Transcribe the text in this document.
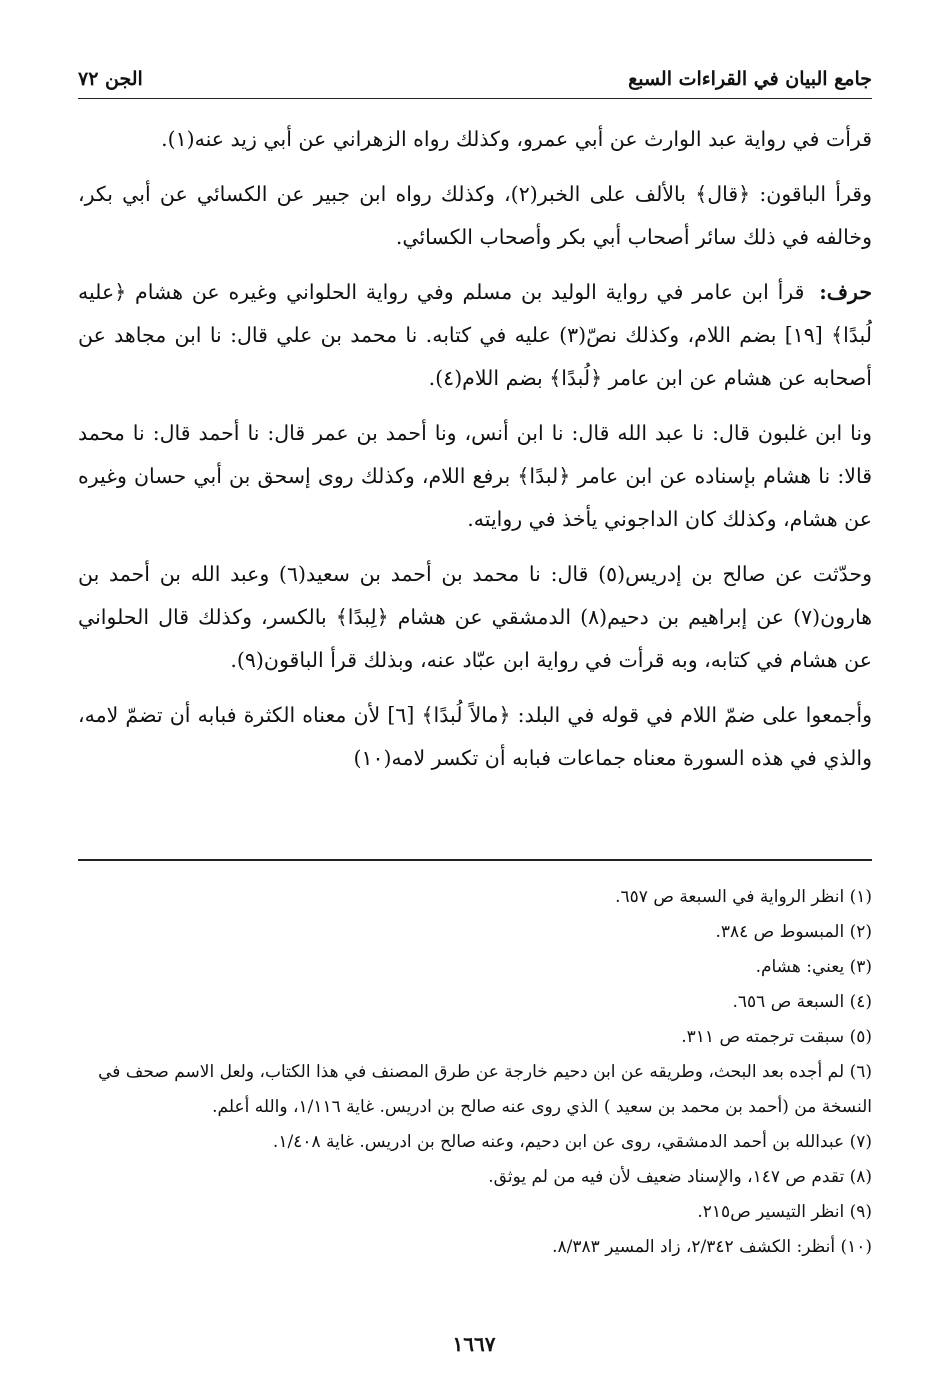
جامع البيان في القراءات السبع
الجن ٧٢

قرأت في رواية عبد الوارث عن أبي عمرو، وكذلك رواه الزهراني عن أبي زيد عنه(١).

وقرأ الباقون: ﴿قال﴾ بالألف على الخبر(٢)، وكذلك رواه ابن جبير عن الكسائي عن أبي بكر، وخالفه في ذلك سائر أصحاب أبي بكر وأصحاب الكسائي.

حرف: قرأ ابن عامر في رواية الوليد بن مسلم وفي رواية الحلواني وغيره عن هشام ﴿عليه لُبدًا﴾ [١٩] بضم اللام، وكذلك نصّ(٣) عليه في كتابه. نا محمد بن علي قال: نا ابن مجاهد عن أصحابه عن هشام عن ابن عامر ﴿لُبدًا﴾ بضم اللام(٤).

ونا ابن غلبون قال: نا عبد الله قال: نا ابن أنس، ونا أحمد بن عمر قال: نا أحمد قال: نا محمد قالا: نا هشام بإسناده عن ابن عامر ﴿لبدًا﴾ برفع اللام، وكذلك روى إسحق بن أبي حسان وغيره عن هشام، وكذلك كان الداجوني يأخذ في روايته.

وحدّثت عن صالح بن إدريس(٥) قال: نا محمد بن أحمد بن سعيد(٦) وعبد الله بن أحمد بن هارون(٧) عن إبراهيم بن دحيم(٨) الدمشقي عن هشام ﴿لِبدًا﴾ بالكسر، وكذلك قال الحلواني عن هشام في كتابه، وبه قرأت في رواية ابن عبّاد عنه، وبذلك قرأ الباقون(٩).

وأجمعوا على ضمّ اللام في قوله في البلد: ﴿مالاً لُبدًا﴾ [٦] لأن معناه الكثرة فبابه أن تضمّ لامه، والذي في هذه السورة معناه جماعات فبابه أن تكسر لامه(١٠)

(١) انظر الرواية في السبعة ص ٦٥٧.

(٢) المبسوط ص ٣٨٤.

(٣) يعني: هشام.

(٤) السبعة ص ٦٥٦.

(٥) سبقت ترجمته ص ٣١١.

(٦) لم أجده بعد البحث، وطريقه عن ابن دحيم خارجة عن طرق المصنف في هذا الكتاب، ولعل الاسم صحف في النسخة من (أحمد بن محمد بن سعيد ) الذي روى عنه صالح بن ادريس. غاية ١/١١٦، والله أعلم.

(٧) عبدالله بن أحمد الدمشقي، روى عن ابن دحيم، وعنه صالح بن ادريس. غاية ١/٤٠٨.

(٨) تقدم ص ١٤٧، والإسناد ضعيف لأن فيه من لم يوثق.

(٩) انظر التيسير ص٢١٥.

(١٠) أنظر: الكشف ٢/٣٤٢، زاد المسير ٨/٣٨٣.

١٦٦٧
